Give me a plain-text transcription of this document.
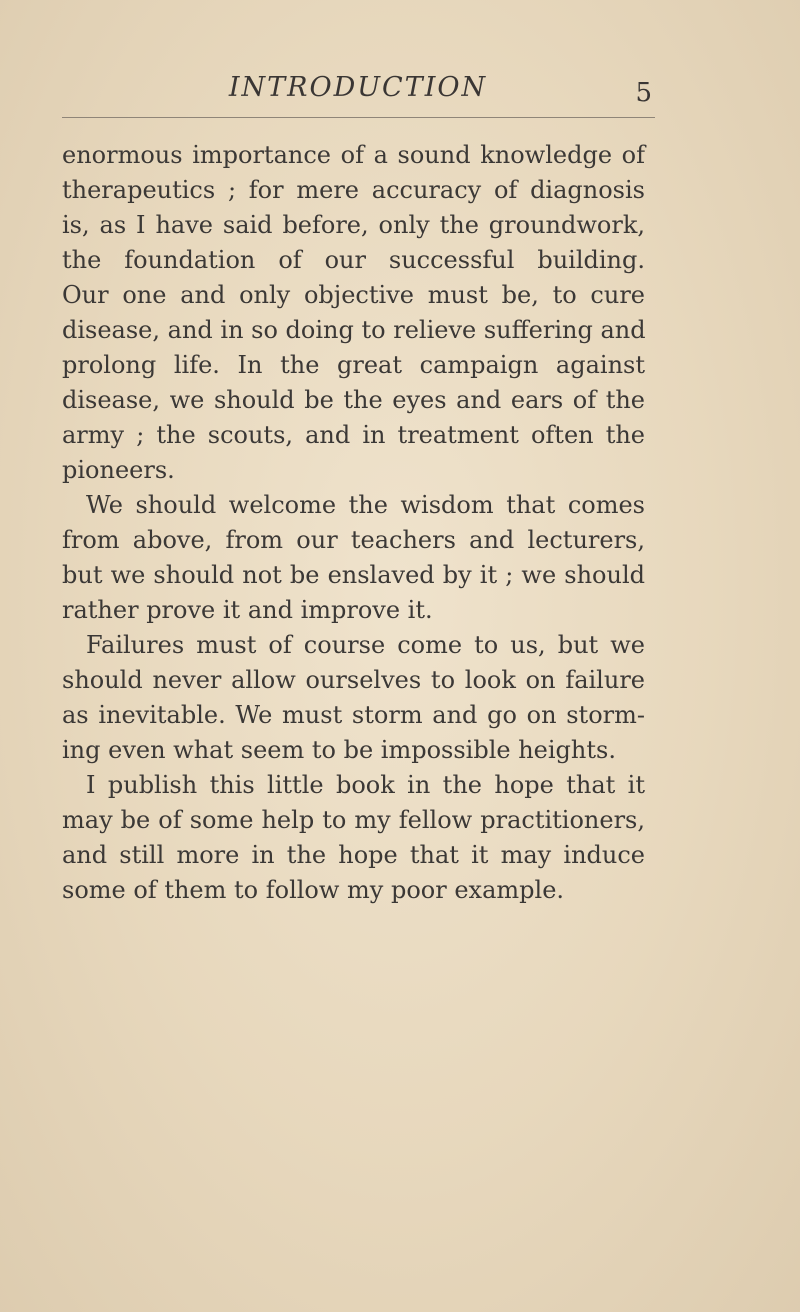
INTRODUCTION	5
enormous importance of a sound knowledge of
therapeutics ; for mere accuracy of diagnosis
is, as I have said before, only the groundwork,
the foundation of our successful building.
Our one and only objective must be, to cure
disease, and in so doing to relieve suffering and
prolong life. In the great campaign against
disease, we should be the eyes and ears of the
army ; the scouts, and in treatment often the
pioneers.
We should welcome the wisdom that comes
from above, from our teachers and lecturers,
but we should not be enslaved by it ; we should
rather prove it and improve it.
Failures must of course come to us, but we
should never allow ourselves to look on failure
as inevitable. We must storm and go on storm-
ing even what seem to be impossible heights.
I publish this little book in the hope that it
may be of some help to my fellow practitioners,
and still more in the hope that it may induce
some of them to follow my poor example.
